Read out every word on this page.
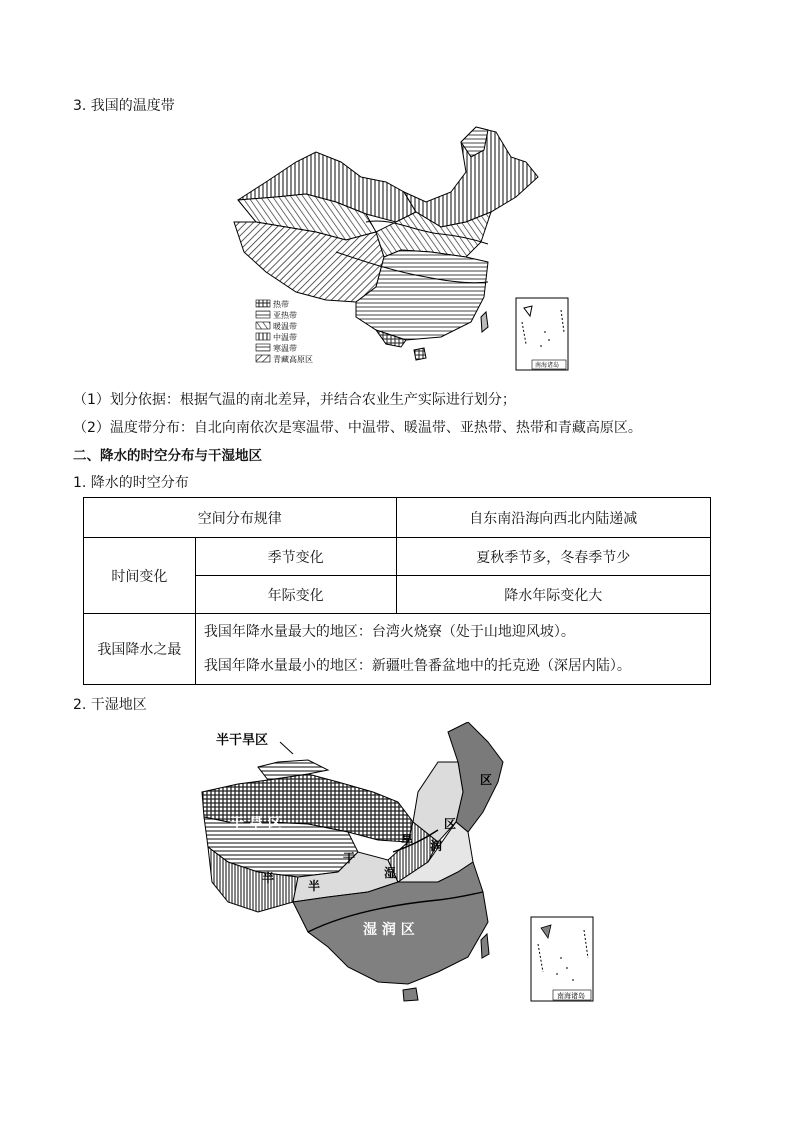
3. 我国的温度带
热带
亚热带
暖温带
中温带
寒温带
青藏高原区
南海诸岛
（1）划分依据：根据气温的南北差异，并结合农业生产实际进行划分；
（2）温度带分布：自北向南依次是寒温带、中温带、暖温带、亚热带、热带和青藏高原区。
二、降水的时空分布与干湿地区
1. 降水的时空分布
空间分布规律		自东南沿海向西北内陆递减
时间变化	季节变化	夏秋季节多，冬春季节少
	年际变化	降水年际变化大
我国降水之最	我国年降水量最大的地区：台湾火烧寮（处于山地迎风坡）。
我国年降水量最小的地区：新疆吐鲁番盆地中的托克逊（深居内陆）。	
2. 干湿地区
半干旱区
干 旱 区
湿 润 区
区
区
旱 润
干
湿
半
半
南海诸岛
